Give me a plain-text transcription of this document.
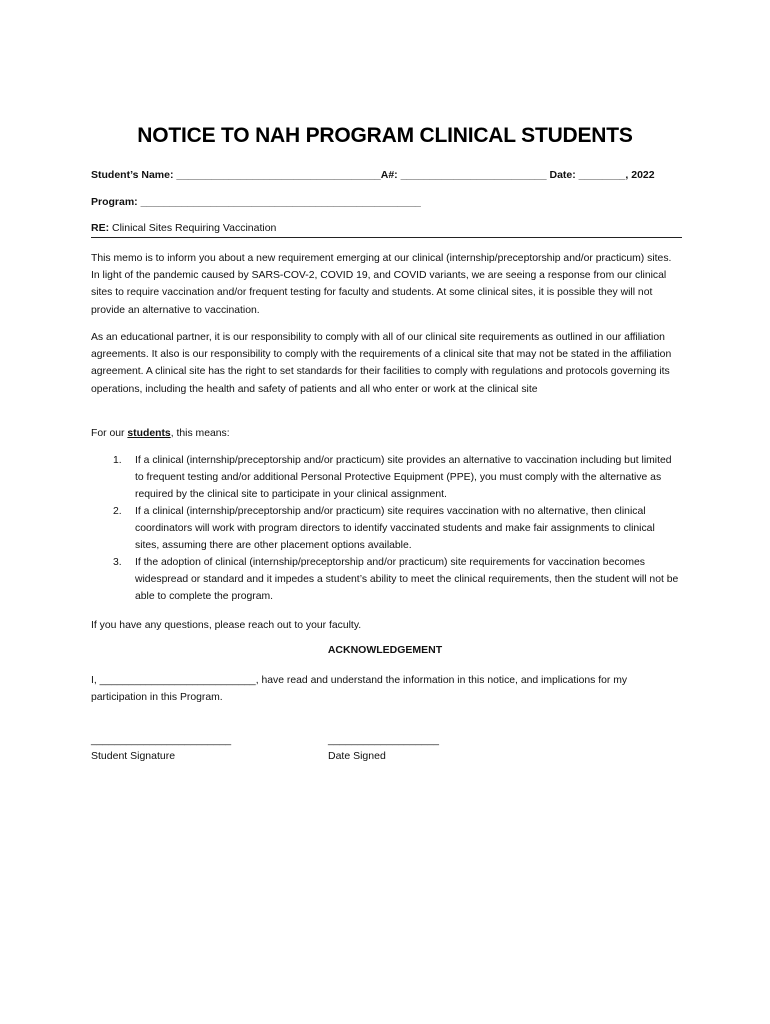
NOTICE TO NAH PROGRAM CLINICAL STUDENTS
Student’s Name: ___________________________________A#: _________________________ Date: ________, 2022
Program: ________________________________________________
RE: Clinical Sites Requiring Vaccination
This memo is to inform you about a new requirement emerging at our clinical (internship/preceptorship and/or practicum) sites. In light of the pandemic caused by SARS-COV-2, COVID 19, and COVID variants, we are seeing a response from our clinical sites to require vaccination and/or frequent testing for faculty and students. At some clinical sites, it is possible they will not provide an alternative to vaccination.
As an educational partner, it is our responsibility to comply with all of our clinical site requirements as outlined in our affiliation agreements. It also is our responsibility to comply with the requirements of a clinical site that may not be stated in the affiliation agreement. A clinical site has the right to set standards for their facilities to comply with regulations and protocols governing its operations, including the health and safety of patients and all who enter or work at the clinical site
For our students, this means:
1. If a clinical (internship/preceptorship and/or practicum) site provides an alternative to vaccination including but limited to frequent testing and/or additional Personal Protective Equipment (PPE), you must comply with the alternative as required by the clinical site to participate in your clinical assignment.
2. If a clinical (internship/preceptorship and/or practicum) site requires vaccination with no alternative, then clinical coordinators will work with program directors to identify vaccinated students and make fair assignments to clinical sites, assuming there are other placement options available.
3. If the adoption of clinical (internship/preceptorship and/or practicum) site requirements for vaccination becomes widespread or standard and it impedes a student’s ability to meet the clinical requirements, then the student will not be able to complete the program.
If you have any questions, please reach out to your faculty.
ACKNOWLEDGEMENT
I, ___________________________, have read and understand the information in this notice, and implications for my participation in this Program.
________________________
Student Signature
___________________
Date Signed
